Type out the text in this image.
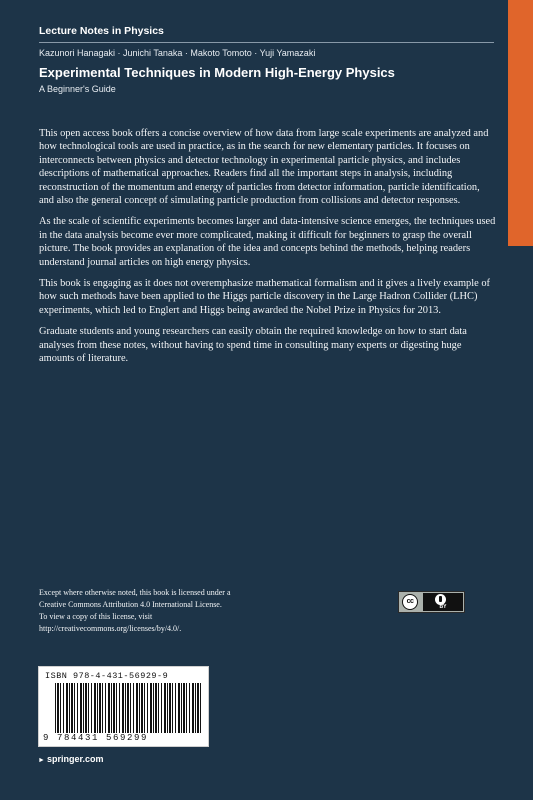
Lecture Notes in Physics
Kazunori Hanagaki · Junichi Tanaka · Makoto Tomoto · Yuji Yamazaki
Experimental Techniques in Modern High-Energy Physics
A Beginner's Guide

This open access book offers a concise overview of how data from large scale experiments are analyzed and how technological tools are used in practice, as in the search for new elementary particles. It focuses on interconnects between physics and detector technology in experimental particle physics, and includes descriptions of mathematical approaches. Readers find all the important steps in analysis, including reconstruction of the momentum and energy of particles from detector information, particle identification, and also the general concept of simulating particle production from collisions and detector responses.

As the scale of scientific experiments becomes larger and data-intensive science emerges, the techniques used in the data analysis become ever more complicated, making it difficult for beginners to grasp the overall picture. The book provides an explanation of the idea and concepts behind the methods, helping readers understand journal articles on high energy physics.

This book is engaging as it does not overemphasize mathematical formalism and it gives a lively example of how such methods have been applied to the Higgs particle discovery in the Large Hadron Collider (LHC) experiments, which led to Englert and Higgs being awarded the Nobel Prize in Physics for 2013.

Graduate students and young researchers can easily obtain the required knowledge on how to start data analyses from these notes, without having to spend time in consulting many experts or digesting huge amounts of literature.

Except where otherwise noted, this book is licensed under a
Creative Commons Attribution 4.0 International License.
To view a copy of this license, visit
http://creativecommons.org/licenses/by/4.0/.
cc
BY
ISBN 978-4-431-56929-9
9 784431 569299
► springer.com
